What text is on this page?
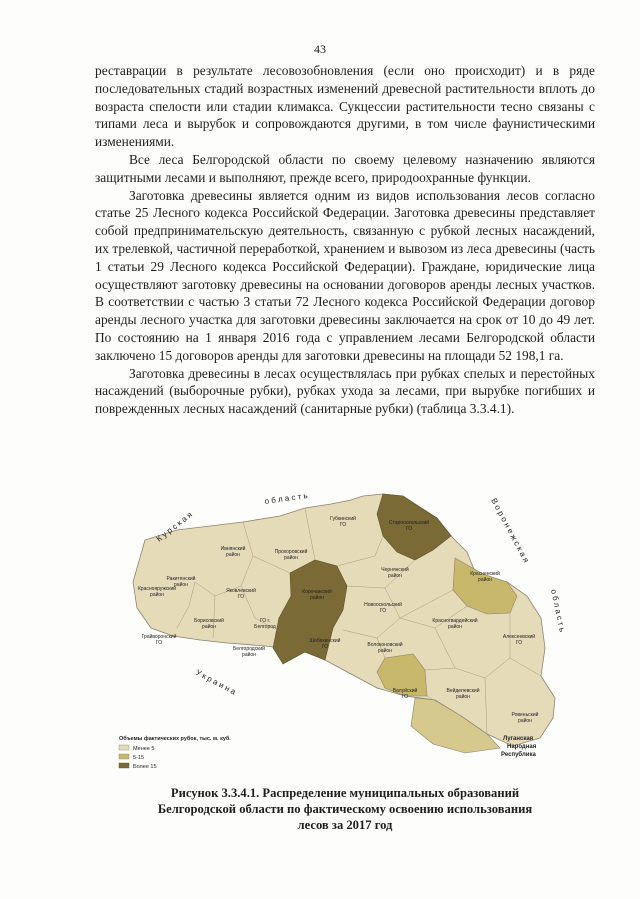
43

реставрации в результате лесовозобновления (если оно происходит) и в ряде последовательных стадий возрастных изменений древесной растительности вплоть до возраста спелости или стадии климакса. Сукцессии растительности тесно связаны с типами леса и вырубок и сопровождаются другими, в том числе фаунистическими изменениями.

Все леса Белгородской области по своему целевому назначению являются защитными лесами и выполняют, прежде всего, природоохранные функции.

Заготовка древесины является одним из видов использования лесов согласно статье 25 Лесного кодекса Российской Федерации. Заготовка древесины представляет собой предпринимательскую деятельность, связанную с рубкой лесных насаждений, их трелевкой, частичной переработкой, хранением и вывозом из леса древесины (часть 1 статьи 29 Лесного кодекса Российской Федерации). Граждане, юридические лица осуществляют заготовку древесины на основании договоров аренды лесных участков. В соответствии с частью 3 статьи 72 Лесного кодекса Российской Федерации договор аренды лесного участка для заготовки древесины заключается на срок от 10 до 49 лет. По состоянию на 1 января 2016 года с управлением лесами Белгородской области заключено 15 договоров аренды для заготовки древесины на площади 52 198,1 га.

Заготовка древесины в лесах осуществлялась при рубках спелых и перестойных насаждений (выборочные рубки), рубках ухода за лесами, при вырубке погибших и поврежденных лесных насаждений (санитарные рубки) (таблица 3.3.4.1).

К у р с к а я
о б л а с т ь	В о р о н е ж с к а я
о б л а с т ь
У к р а и н а
Луганская
Народная
Республика
Губкинский
ГО	Старооскольский
ГО
Ивнянский
район	Прохоровский
район
Ракитянский
район
Краснояружский
район
Яковлевский
ГО
Корочанский
район
Чернянский
район	Красненский
район
Борисовский
район
Грайворонский
ГО
ГО г.
Белгород
Белгородский
район
Шебекинский
ГО
Новооскольский
ГО
Красногвардейский
район
Алексеевский
ГО
Волоконовский
район
Валуйский
ГО
Вейделевский
район
Ровеньский
район
Объемы фактических рубок, тыс. м. куб.
Менее 5
5-15
Более 15
Рисунок 3.3.4.1. Распределение муниципальных образований
Белгородской области по фактическому освоению использования
лесов за 2017 год
